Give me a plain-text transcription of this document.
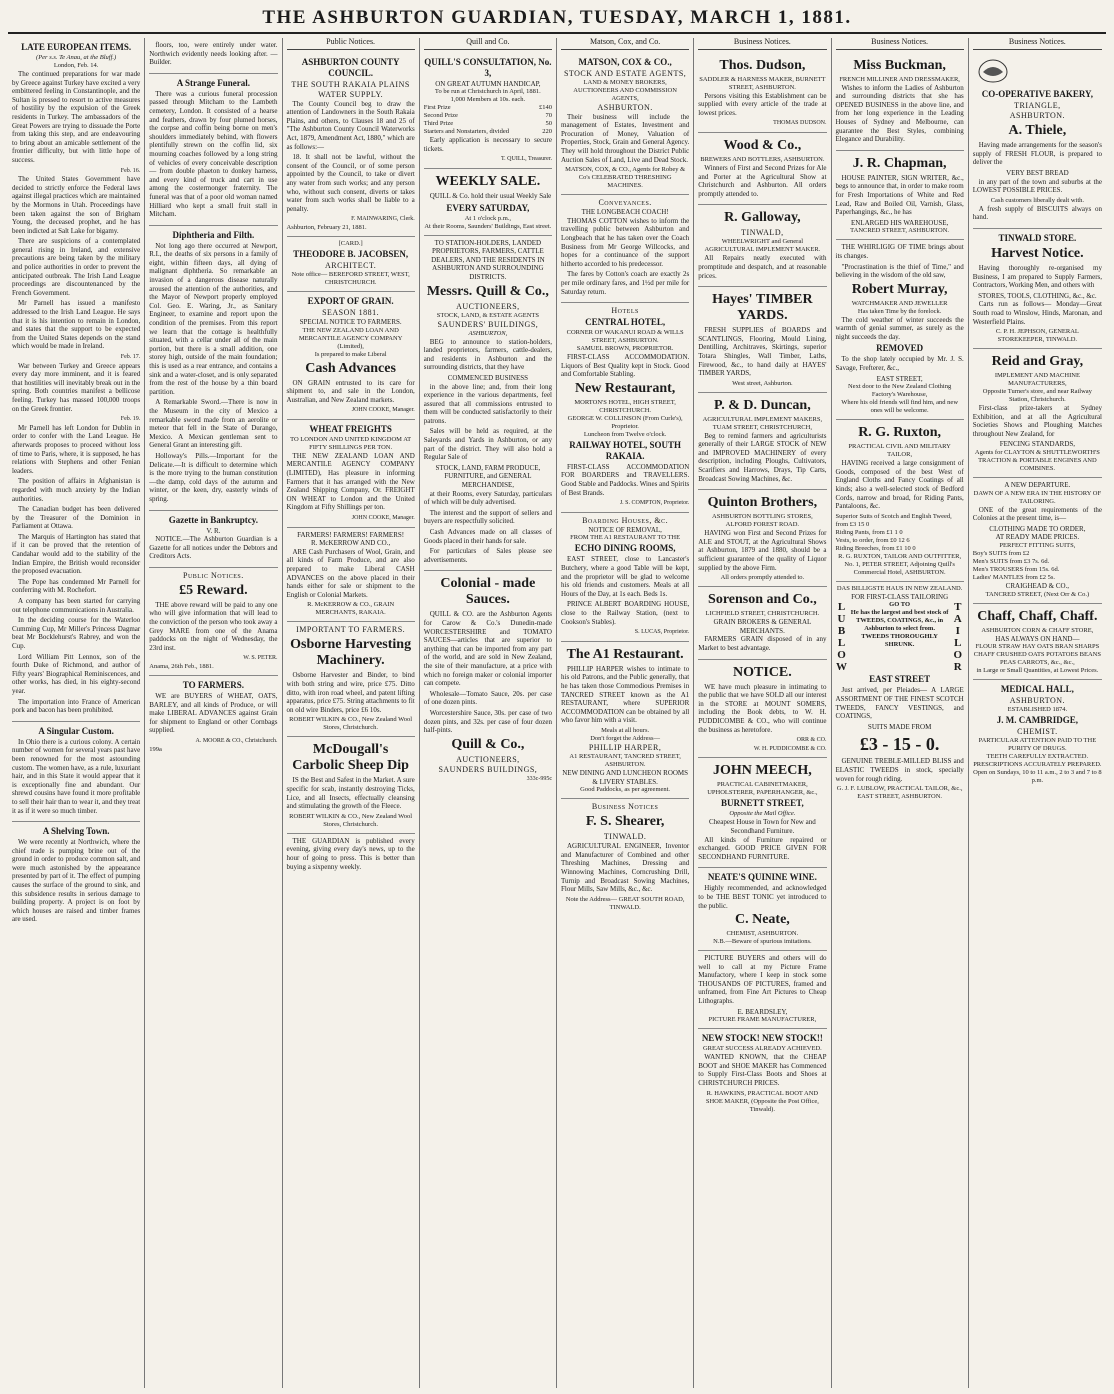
THE ASHBURTON GUARDIAN, TUESDAY, MARCH 1, 1881.
LATE EUROPEAN ITEMS.
(Per s.s. Te Anau, at the Bluff.)
London, Feb. 14.

The continued preparations for war made by Greece against Turkey have excited a very embittered feeling in Constantinople, and the Sultan is pressed to resort to active measures of hostility by the expulsion of the Greek residents in Turkey. The ambassadors of the Great Powers are trying to dissuade the Porte from taking this step, and are endeavouring to bring about an amicable settlement of the frontier difficulty, but with little hope of success.

Feb. 16.

The United States Government have decided to strictly enforce the Federal laws against illegal practices which are maintained by the Mormons in Utah. Proceedings have been taken against the son of Brigham Young, the deceased prophet, and he has been indicted at Salt Lake for bigamy.

There are suspicions of a contemplated general rising in Ireland, and extensive precautions are being taken by the military and police authorities in order to prevent the anticipated outbreak. The Irish Land League proceedings are discountenanced by the French Government.

Mr Parnell has issued a manifesto addressed to the Irish Land League. He says that it is his intention to remain in London, and states that the support to be expected from the United States depends on the stand which would be made in Ireland.

Feb. 17.

War between Turkey and Greece appears every day more imminent, and it is feared that hostilities will inevitably break out in the spring. Both countries manifest a bellicose feeling. Turkey has massed 100,000 troops on the Greek frontier.

Feb. 19.

Mr Parnell has left London for Dublin in order to confer with the Land League. He afterwards proposes to proceed without loss of time to Paris, where, it is supposed, he has relations with Stephens and other Fenian leaders.

The position of affairs in Afghanistan is regarded with much anxiety by the Indian authorities.

The Canadian budget has been delivered by the Treasurer of the Dominion in Parliament at Ottawa.

The Marquis of Hartington has stated that if it can be proved that the retention of Candahar would add to the stability of the Indian Empire, the British would reconsider the proposed evacuation.

The Pope has condemned Mr Parnell for conferring with M. Rochefort.

A company has been started for carrying out telephone communications in Australia.

In the deciding course for the Waterloo Cumming Cup, Mr Miller's Princess Dagmar beat Mr Bocklehurst's Rabrey, and won the Cup.

Lord William Pitt Lennox, son of the fourth Duke of Richmond, and author of Fifty years' Biographical Reminiscences, and other works, has died, in his eighty-second year.

The importation into France of American pork and bacon has been prohibited.

A Singular Custom.

In Ohio there is a curious colony. A certain number of women for several years past have been renowned for the most astounding custom. The women have, as a rule, luxuriant hair, and in this State it would appear that it is exceptionally fine and abundant. Our shrewd cousins have found it more profitable to sell their hair than to wear it, and they treat it as if it were so much timber.

A Shelving Town.

We were recently at Northwich, where the chief trade is pumping brine out of the ground in order to produce common salt, and were much astonished by the appearance presented by part of it. The effect of pumping causes the surface of the ground to sink, and this subsidence results in serious damage to building property. A project is on foot by which houses are raised and timber frames are used.

floors, too, were entirely under water. Northwich evidently needs looking after. —Builder.

A Strange Funeral.

There was a curious funeral procession passed through Mitcham to the Lambeth cemetery, London. It consisted of a hearse and feathers, drawn by four plumed horses, the corpse and coffin being borne on men's shoulders immediately behind, with flowers plentifully strewn on the coffin lid, six mourning coaches followed by a long string of vehicles of every conceivable description — from double phaeton to donkey harness, and every kind of truck and cart in use among the costermonger fraternity. The funeral was that of a poor old woman named Hilliard who kept a small fruit stall in Mitcham.

Diphtheria and Filth.

Not long ago there occurred at Newport, R.I., the deaths of six persons in a family of eight, within fifteen days, all dying of malignant diphtheria. So remarkable an invasion of a dangerous disease naturally aroused the attention of the authorities, and the Mayor of Newport properly employed Col. Geo. E. Waring, Jr., as Sanitary Engineer, to examine and report upon the condition of the premises. From this report we learn that the cottage is healthfully situated, with a cellar under all of the main portion, but there is a small addition, one storey high, outside of the main foundation; this is used as a rear entrance, and contains a sink and a water-closet, and is only separated from the rest of the house by a thin board partition.

A Remarkable Sword.—There is now in the Museum in the city of Mexico a remarkable sword made from an aerolite or meteor that fell in the State of Durango, Mexico. A Mexican gentleman sent to General Grant an interesting gift.

Holloway's Pills.—Important for the Delicate.—It is difficult to determine which is the more trying to the human constitution—the damp, cold days of the autumn and winter, or the keen, dry, easterly winds of spring.

Gazette in Bankruptcy.
V. R.

NOTICE.—The Ashburton Guardian is a Gazette for all notices under the Debtors and Creditors Acts.

Public Notices.
£5 Reward.

THE above reward will be paid to any one who will give information that will lead to the conviction of the person who took away a Grey MARE from one of the Anama paddocks on the night of Wednesday, the 23rd inst.

W. S. PETER.
Anama, 26th Feb., 1881.
TO FARMERS.

WE are BUYERS of WHEAT, OATS, BARLEY, and all kinds of Produce, or will make LIBERAL ADVANCES against Grain for shipment to England or other Cornbags supplied.

A. MOORE & CO., Christchurch.
199a
Public Notices.
ASHBURTON COUNTY COUNCIL.
THE SOUTH RAKAIA PLAINS WATER SUPPLY.

The County Council beg to draw the attention of Landowners in the South Rakaia Plains, and others, to Clauses 18 and 25 of "The Ashburton County Council Waterworks Act, 1879, Amendment Act, 1880," which are as follows:—

18. It shall not be lawful, without the consent of the Council, or of some person appointed by the Council, to take or divert any water from such works; and any person who, without such consent, diverts or takes water from such works shall be liable to a penalty.

F. MAINWARING, Clerk.
Ashburton, February 21, 1881.
[CARD.]
THEODORE B. JACOBSEN,
ARCHITECT.
Note office— BEREFORD STREET, WEST, CHRISTCHURCH.
EXPORT OF GRAIN.
SEASON 1881.
SPECIAL NOTICE TO FARMERS.
THE NEW ZEALAND LOAN AND MERCANTILE AGENCY COMPANY (Limited),
Is prepared to make Liberal
Cash Advances

ON GRAIN entrusted to its care for shipment to, and sale in the London, Australian, and New Zealand markets.

JOHN COOKE, Manager.
WHEAT FREIGHTS
TO LONDON AND UNITED KINGDOM AT FIFTY SHILLINGS PER TON.

THE NEW ZEALAND LOAN AND MERCANTILE AGENCY COMPANY (LIMITED), Has pleasure in informing Farmers that it has arranged with the New Zealand Shipping Company, Or. FREIGHT ON WHEAT to London and the United Kingdom at Fifty Shillings per ton.

JOHN COOKE, Manager.
FARMERS! FARMERS! FARMERS!
R. McKERROW AND CO.,

ARE Cash Purchasers of Wool, Grain, and all kinds of Farm Produce, and are also prepared to make Liberal CASH ADVANCES on the above placed in their hands either for sale or shipment to the English or Colonial Markets.

R. McKERROW & CO., GRAIN MERCHANTS, RAKAIA.
IMPORTANT TO FARMERS.
Osborne Harvesting Machinery.

Osborne Harvester and Binder, to bind with both string and wire, price £75. Ditto ditto, with iron road wheel, and patent lifting apparatus, price £75. String attachments to fit on old wire Binders, price £6 10s.

ROBERT WILKIN & CO., New Zealand Wool Stores, Christchurch.
McDougall's Carbolic Sheep Dip

IS the Best and Safest in the Market. A sure specific for scab, instantly destroying Ticks, Lice, and all Insects, effectually cleansing and stimulating the growth of the Fleece.

ROBERT WILKIN & CO., New Zealand Wool Stores, Christchurch.

THE GUARDIAN is published every evening, giving every day's news, up to the hour of going to press. This is better than buying a sixpenny weekly.

Quill and Co.
QUILL'S CONSULTATION, No. 3,
ON GREAT AUTUMN HANDICAP,
To be run at Christchurch in April, 1881.
1,000 Members at 10s. each.
First Prize	£140
Second Prize	70
Third Prize	50
Starters and Nonstarters, divided	220

Early application is necessary to secure tickets.

T. QUILL, Treasurer.
WEEKLY SALE.

QUILL & Co. hold their usual Weekly Sale

EVERY SATURDAY,
At 1 o'clock p.m.,
At their Rooms, Saunders' Buildings, East street.
TO STATION-HOLDERS, LANDED PROPRIETORS, FARMERS, CATTLE DEALERS, AND THE RESIDENTS IN ASHBURTON AND SURROUNDING DISTRICTS.
Messrs. Quill & Co.,
AUCTIONEERS,
STOCK, LAND, & ESTATE AGENTS
SAUNDERS' BUILDINGS,
ASHBURTON,

BEG to announce to station-holders, landed proprietors, farmers, cattle-dealers, and residents in Ashburton and the surrounding districts, that they have

COMMENCED BUSINESS

in the above line; and, from their long experience in the various departments, feel assured that all commissions entrusted to them will be conducted satisfactorily to their patrons.

Sales will be held as required, at the Saleyards and Yards in Ashburton, or any part of the district. They will also hold a Regular Sale of

STOCK, LAND, FARM PRODUCE, FURNITURE, and GENERAL MERCHANDISE,

at their Rooms, every Saturday, particulars of which will be duly advertised.

The interest and the support of sellers and buyers are respectfully solicited.

Cash Advances made on all classes of Goods placed in their hands for sale.

For particulars of Sales please see advertisements.

Colonial - made Sauces.

QUILL & CO. are the Ashburton Agents for Carow & Co.'s Dunedin-made WORCESTERSHIRE and TOMATO SAUCES—articles that are superior to anything that can be imported from any part of the world, and are sold in New Zealand, the site of their manufacture, at a price with which no foreign maker or colonial importer can compete.

Wholesale—Tomato Sauce, 20s. per case of one dozen pints.

Worcestershire Sauce, 30s. per case of two dozen pints, and 32s. per case of four dozen half-pints.

Quill & Co.,
AUCTIONEERS,
SAUNDERS BUILDINGS,
333c-995c
Matson, Cox, and Co.
MATSON, COX & CO.,
STOCK AND ESTATE AGENTS,
LAND & MONEY BROKERS, AUCTIONEERS AND COMMISSION AGENTS,
ASHBURTON.

Their business will include the management of Estates, Investment and Procuration of Money, Valuation of Properties, Stock, Grain and General Agency. They will hold throughout the District Public Auction Sales of Land, Live and Dead Stock.

MATSON, COX, & CO., Agents for Robey & Co's CELEBRATED THRESHING MACHINES.
Conveyances.
THE LONGBEACH COACH!

THOMAS COTTON wishes to inform the travelling public between Ashburton and Longbeach that he has taken over the Coach Business from Mr George Willcocks, and hopes for a continuance of the support hitherto accorded to his predecessor.

The fares by Cotton's coach are exactly 2s per mile ordinary fares, and 1½d per mile for Saturday return.

Hotels
CENTRAL HOTEL,
CORNER OF WAKANUI ROAD & WILLS STREET, ASHBURTON.
SAMUEL BROWN, PROPRIETOR.

FIRST-CLASS ACCOMMODATION. Liquors of Best Quality kept in Stock. Good and Comfortable Stabling.

New Restaurant,
MORTON'S HOTEL, HIGH STREET, CHRISTCHURCH.
GEORGE W. COLLINSON (From Curle's), Proprietor.
Luncheon from Twelve o'clock.
RAILWAY HOTEL, SOUTH RAKAIA.

FIRST-CLASS ACCOMMODATION FOR BOARDERS and TRAVELLERS. Good Stable and Paddocks. Wines and Spirits of Best Brands.

J. S. COMPTON, Proprietor.
Boarding Houses, &c.
NOTICE OF REMOVAL,
FROM THE A1 RESTAURANT TO THE
ECHO DINING ROOMS,

EAST STREET, close to Lancaster's Butchery, where a good Table will be kept, and the proprietor will be glad to welcome his old friends and customers. Meals at all Hours of the Day, at 1s each. Beds 1s.

PRINCE ALBERT BOARDING HOUSE, close to the Railway Station, (next to Cookson's Stables).

S. LUCAS, Proprietor.
The A1 Restaurant.

PHILLIP HARPER wishes to intimate to his old Patrons, and the Public generally, that he has taken those Commodious Premises in TANCRED STREET known as the A1 RESTAURANT, where SUPERIOR ACCOMMODATION can be obtained by all who favor him with a visit.

Meals at all hours.
Don't forget the Address—
PHILLIP HARPER,
A1 RESTAURANT, TANCRED STREET, ASHBURTON.
NEW DINING AND LUNCHEON ROOMS & LIVERY STABLES.
Good Paddocks, as per agreement.
Business Notices
F. S. Shearer,
TINWALD.

AGRICULTURAL ENGINEER, Inventor and Manufacturer of Combined and other Threshing Machines, Dressing and Winnowing Machines, Corncrushing Drill, Turnip and Broadcast Sowing Machines, Flour Mills, Saw Mills, &c., &c.

Note the Address— GREAT SOUTH ROAD, TINWALD.
Business Notices.
Thos. Dudson,
SADDLER & HARNESS MAKER, BURNETT STREET, ASHBURTON.

Persons visiting this Establishment can be supplied with every article of the trade at lowest prices.

THOMAS DUDSON.
Wood & Co.,
BREWERS AND BOTTLERS, ASHBURTON.

Winners of First and Second Prizes for Ale and Porter at the Agricultural Show at Christchurch and Ashburton. All orders promptly attended to.

R. Galloway,
TINWALD,
WHEELWRIGHT and General AGRICULTURAL IMPLEMENT MAKER.

All Repairs neatly executed with promptitude and despatch, and at reasonable prices.

Hayes' TIMBER YARDS.

FRESH SUPPLIES of BOARDS and SCANTLINGS, Flooring, Mould Lining, Dentilling, Architraves, Skirtings, superior Totara Shingles, Wall Timber, Laths, Firewood, &c., to hand daily at HAYES' TIMBER YARDS,

West street, Ashburton.
P. & D. Duncan,
AGRICULTURAL IMPLEMENT MAKERS,
TUAM STREET, CHRISTCHURCH,

Beg to remind farmers and agriculturists generally of their LARGE STOCK of NEW and IMPROVED MACHINERY of every description, including Ploughs, Cultivators, Scarifiers and Harrows, Drays, Tip Carts, Broadcast Sowing Machines, &c.

Quinton Brothers,
ASHBURTON BOTTLING STORES,
ALFORD FOREST ROAD.

HAVING won First and Second Prizes for ALE and STOUT, at the Agricultural Shows at Ashburton, 1879 and 1880, should be a sufficient guarantee of the quality of Liquor supplied by the above Firm.

All orders promptly attended to.
Sorenson and Co.,
LICHFIELD STREET, CHRISTCHURCH.
GRAIN BROKERS & GENERAL MERCHANTS.

FARMERS GRAIN disposed of in any Market to best advantage.

NOTICE.

WE have much pleasure in intimating to the public that we have SOLD all our interest in the STORE at MOUNT SOMERS, including the Book debts, to W. H. PUDDICOMBE & CO., who will continue the business as heretofore.

ORR & CO.
W. H. PUDDICOMBE & CO.
JOHN MEECH,
PRACTICAL CABINETMAKER, UPHOLSTERER, PAPERHANGER, &c.,
BURNETT STREET,
Opposite the Mail Office.
Cheapest House in Town for New and Secondhand Furniture.

All kinds of Furniture repaired or exchanged. GOOD PRICE GIVEN FOR SECONDHAND FURNITURE.

NEATE'S QUININE WINE.

Highly recommended, and acknowledged to be THE BEST TONIC yet introduced to the public.

C. Neate,
CHEMIST, ASHBURTON.
N.B.—Beware of spurious imitations.

PICTURE BUYERS and others will do well to call at my Picture Frame Manufactory, where I keep in stock some THOUSANDS OF PICTURES, framed and unframed, from Fine Art Pictures to Cheap Lithographs.

E. BEARDSLEY,
PICTURE FRAME MANUFACTURER,
NEW STOCK! NEW STOCK!!
GREAT SUCCESS ALREADY ACHIEVED.

WANTED KNOWN, that the CHEAP BOOT and SHOE MAKER has Commenced to Supply First-Class Boots and Shoes at CHRISTCHURCH PRICES.

R. HAWKINS, PRACTICAL BOOT AND SHOE MAKER, (Opposite the Post Office, Tinwald).
Business Notices.
Miss Buckman,
FRENCH MILLINER AND DRESSMAKER,

Wishes to inform the Ladies of Ashburton and surrounding districts that she has OPENED BUSINESS in the above line, and from her long experience in the Leading Houses of Sydney and Melbourne, can guarantee the Best Styles, combining Elegance and Durability.

J. R. Chapman,

HOUSE PAINTER, SIGN WRITER, &c., begs to announce that, in order to make room for Fresh Importations of White and Red Lead, Raw and Boiled Oil, Varnish, Glass, Paperhangings, &c., he has

ENLARGED HIS WAREHOUSE,
TANCRED STREET, ASHBURTON.

THE WHIRLIGIG OF TIME brings about its changes.

"Procrastination is the thief of Time," and believing in the wisdom of the old saw,

Robert Murray,
WATCHMAKER AND JEWELLER
Has taken Time by the forelock.

The cold weather of winter succeeds the warmth of genial summer, as surely as the night succeeds the day.

REMOVED

To the shop lately occupied by Mr. J. S. Savage, Frefterer, &c.,

EAST STREET,
Next door to the New Zealand Clothing Factory's Warehouse,
Where his old friends will find him, and new ones will be welcome.
R. G. Ruxton,
PRACTICAL CIVIL AND MILITARY TAILOR,

HAVING received a large consignment of Goods, composed of the best West of England Cloths and Fancy Coatings of all kinds; also a well-selected stock of Bedford Cords, narrow and broad, for Riding Pants, Pantaloons, &c.

Superior Suits of Scotch and English Tweed, from £3 15 0
Riding Pants, from £1 1 0
Vests, to order, from £0 12 6
Riding Breeches, from £1 10 0
R. G. RUXTON, TAILOR AND OUTFITTER, No. 1, PETER STREET, Adjoining Quill's Commercial Hotel, ASHBURTON.
DAS BILLIGSTE HAUS IN NEW ZEALAND.
FOR FIRST-CLASS TAILORING
L
U
B
L
O
W
GO TO
He has the largest and best stock of TWEEDS, COATINGS, &c., in Ashburton to select from.
TWEEDS THOROUGHLY SHRUNK.
T
A
I
L
O
R
EAST STREET

Just arrived, per Pleiades— A LARGE ASSORTMENT OF THE FINEST SCOTCH TWEEDS, FANCY VESTINGS, and COATINGS,

SUITS MADE FROM
£3 - 15 - 0.

GENUINE TREBLE-MILLED BLISS and ELASTIC TWEEDS in stock, specially woven for rough riding.

G. J. F. LUBLOW, PRACTICAL TAILOR, &c., EAST STREET, ASHBURTON.
Business Notices.
CO-OPERATIVE BAKERY,
TRIANGLE,
ASHBURTON.
A. Thiele,

Having made arrangements for the season's supply of FRESH FLOUR, is prepared to deliver the

VERY BEST BREAD

in any part of the town and suburbs at the LOWEST POSSIBLE PRICES.

Cash customers liberally dealt with.

A fresh supply of BISCUITS always on hand.

TINWALD STORE.
Harvest Notice.

Having thoroughly re-organised my Business, I am prepared to Supply Farmers, Contractors, Working Men, and others with

STORES, TOOLS, CLOTHING, &c., &c.

Carts run as follows— Monday—Great South road to Winslow, Hinds, Maronan, and Westerfield Plains.

C. P. H. JEPHSON, GENERAL STOREKEEPER, TINWALD.
Reid and Gray,
IMPLEMENT AND MACHINE MANUFACTURERS,
Opposite Turner's store, and near Railway Station, Christchurch.

First-class prize-takers at Sydney Exhibition, and at all the Agricultural Societies Shows and Ploughing Matches throughout New Zealand, for

FENCING STANDARDS,
Agents for CLAYTON & SHUTTLEWORTH'S TRACTION & PORTABLE ENGINES AND COMBINES.
A NEW DEPARTURE.
DAWN OF A NEW ERA IN THE HISTORY OF TAILORING.

ONE of the great requirements of the Colonies at the present time, is—

CLOTHING MADE TO ORDER,
AT READY MADE PRICES.
PERFECT FITTING SUITS,
Boy's SUITS from £2
Men's SUITS from £3 7s. 6d.
Men's TROUSERS from 15s. 6d.
Ladies' MANTLES from £2 5s.
CRAIGHEAD & CO.,
TANCRED STREET, (Next Orr & Co.)
Chaff, Chaff, Chaff.
ASHBURTON CORN & CHAFF STORE,
HAS ALWAYS ON HAND—
FLOUR STRAW HAY OATS BRAN SHARPS CHAFF CRUSHED OATS POTATOES BEANS PEAS CARROTS, &c., &c.,
in Large or Small Quantities, at Lowest Prices.
MEDICAL HALL,
ASHBURTON.
ESTABLISHED 1874.
J. M. CAMBRIDGE,
CHEMIST.
PARTICULAR ATTENTION PAID TO THE PURITY OF DRUGS.
TEETH CAREFULLY EXTRACTED.
PRESCRIPTIONS ACCURATELY PREPARED.
Open on Sundays, 10 to 11 a.m., 2 to 3 and 7 to 8 p.m.
